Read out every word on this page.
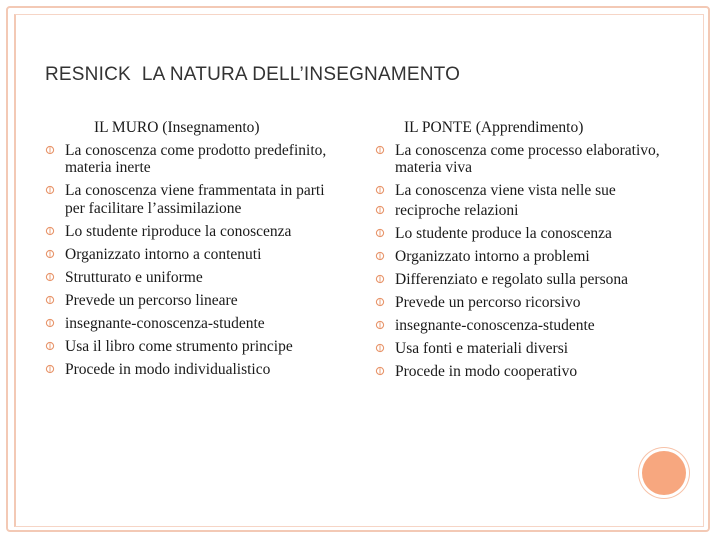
RESNICK  LA NATURA DELL’INSEGNAMENTO
IL MURO (Insegnamento)
La conoscenza come prodotto predefinito, materia inerte
La conoscenza viene frammentata in parti per facilitare l’assimilazione
Lo studente riproduce la conoscenza
Organizzato intorno a contenuti
Strutturato e uniforme
Prevede un percorso lineare
insegnante-conoscenza-studente
Usa il libro come strumento principe
Procede in modo individualistico
IL PONTE (Apprendimento)
La conoscenza come processo elaborativo, materia viva
La conoscenza viene vista nelle sue
reciproche relazioni
Lo studente produce la conoscenza
Organizzato intorno a problemi
Differenziato e regolato sulla persona
Prevede un percorso ricorsivo
insegnante-conoscenza-studente
Usa fonti e materiali diversi
Procede in modo cooperativo
